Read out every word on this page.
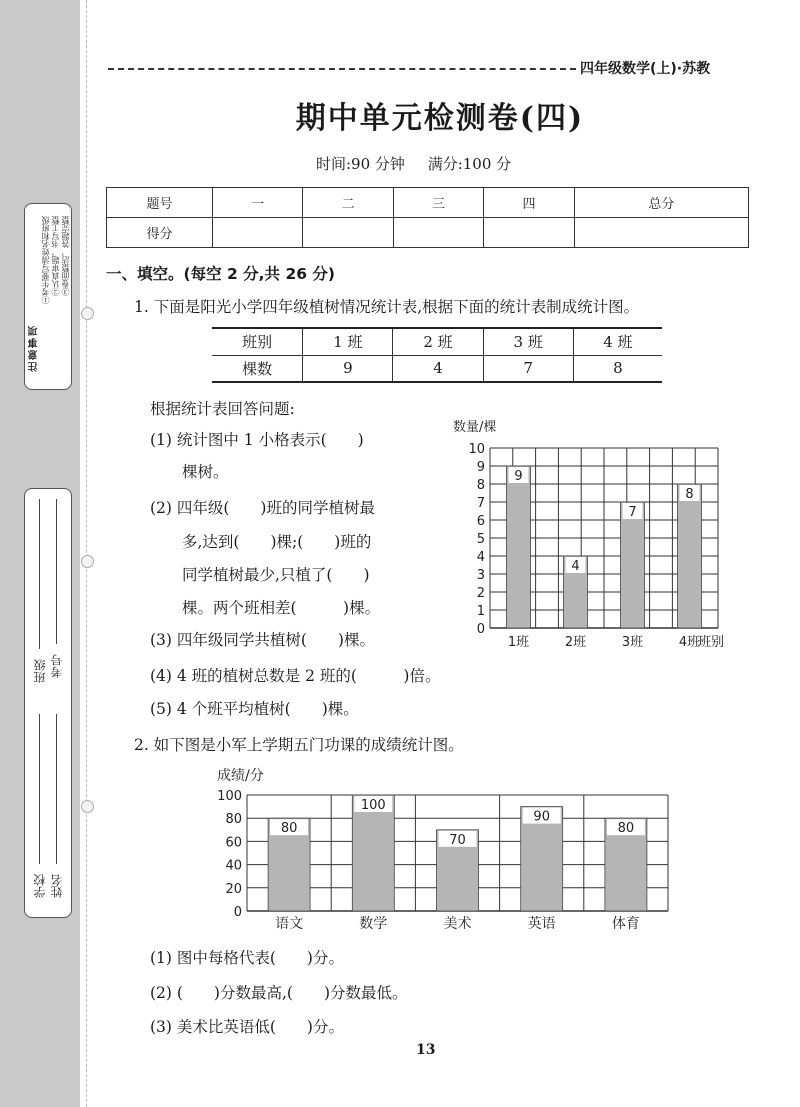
注意事项
①考生要写清姓名和班级 ②认真审题，书写工整 ③卷面整洁，答题完整
班级 考号
学校 姓名
四年级数学(上)·苏教
期中单元检测卷(四)
时间:90 分钟 满分:100 分
题号	一	二	三	四	总分
得分					
一、填空。(每空 2 分,共 26 分)
1. 下面是阳光小学四年级植树情况统计表,根据下面的统计表制成统计图。
班别	1 班	2 班	3 班	4 班
棵数	9	4	7	8
根据统计表回答问题:
(1) 统计图中 1 小格表示(　　)
棵树。
(2) 四年级(　　)班的同学植树最
多,达到(　　)棵;(　　)班的
同学植树最少,只植了(　　)
棵。两个班相差(　　　)棵。
(3) 四年级同学共植树(　　)棵。
(4) 4 班的植树总数是 2 班的(　　　)倍。
(5) 4 个班平均植树(　　)棵。
0
1
2
3
4
5
6
7
8
9
10
9
1班
4
2班
7
3班
8
4班
数量/棵
班别
2. 如下图是小军上学期五门功课的成绩统计图。
0
20
40
60
80
100
80
语文
100
数学
70
美术
90
英语
80
体育
成绩/分
(1) 图中每格代表(　　)分。
(2) (　　)分数最高,(　　)分数最低。
(3) 美术比英语低(　　)分。
13
